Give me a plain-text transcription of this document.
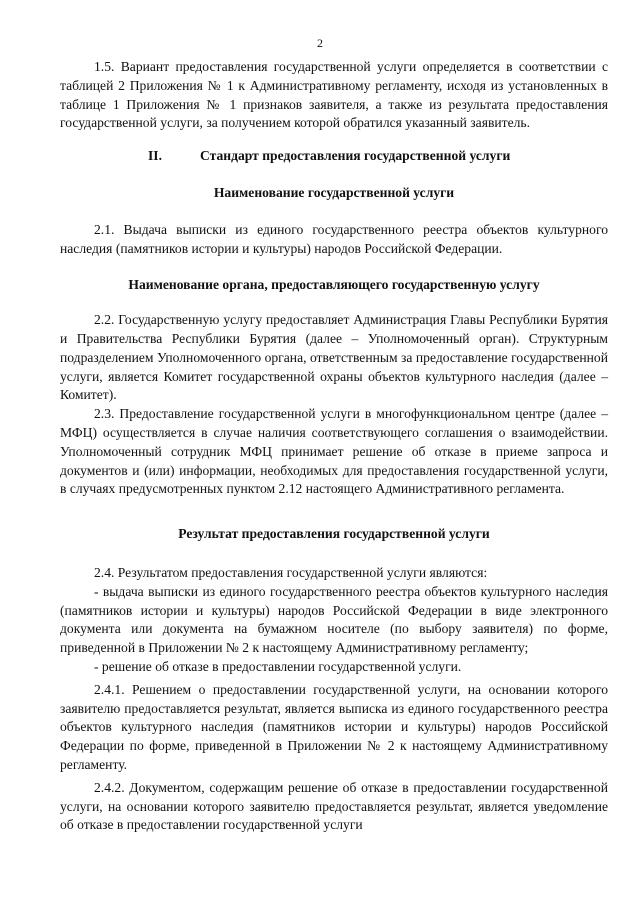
2

1.5. Вариант предоставления государственной услуги определяется в соответствии с таблицей 2 Приложения № 1 к Административному регламенту, исходя из установленных в таблице 1 Приложения № 1 признаков заявителя, а также из результата предоставления государственной услуги, за получением которой обратился указанный заявитель.

II.	Стандарт предоставления государственной услуги
Наименование государственной услуги

2.1. Выдача выписки из единого государственного реестра объектов культурного наследия (памятников истории и культуры) народов Российской Федерации.

Наименование органа, предоставляющего государственную услугу

2.2. Государственную услугу предоставляет Администрация Главы Республики Бурятия и Правительства Республики Бурятия (далее – Уполномоченный орган). Структурным подразделением Уполномоченного органа, ответственным за предоставление государственной услуги, является Комитет государственной охраны объектов культурного наследия (далее – Комитет).

2.3. Предоставление государственной услуги в многофункциональном центре (далее – МФЦ) осуществляется в случае наличия соответствующего соглашения о взаимодействии. Уполномоченный сотрудник МФЦ принимает решение об отказе в приеме запроса и документов и (или) информации, необходимых для предоставления государственной услуги, в случаях предусмотренных пунктом 2.12 настоящего Административного регламента.

Результат предоставления государственной услуги

2.4. Результатом предоставления государственной услуги являются:

- выдача выписки из единого государственного реестра объектов культурного наследия (памятников истории и культуры) народов Российской Федерации в виде электронного документа или документа на бумажном носителе (по выбору заявителя) по форме, приведенной в Приложении № 2 к настоящему Административному регламенту;

- решение об отказе в предоставлении государственной услуги.

2.4.1. Решением о предоставлении государственной услуги, на основании которого заявителю предоставляется результат, является выписка из единого государственного реестра объектов культурного наследия (памятников истории и культуры) народов Российской Федерации по форме, приведенной в Приложении № 2 к настоящему Административному регламенту.

2.4.2. Документом, содержащим решение об отказе в предоставлении государственной услуги, на основании которого заявителю предоставляется результат, является уведомление об отказе в предоставлении государственной услуги
